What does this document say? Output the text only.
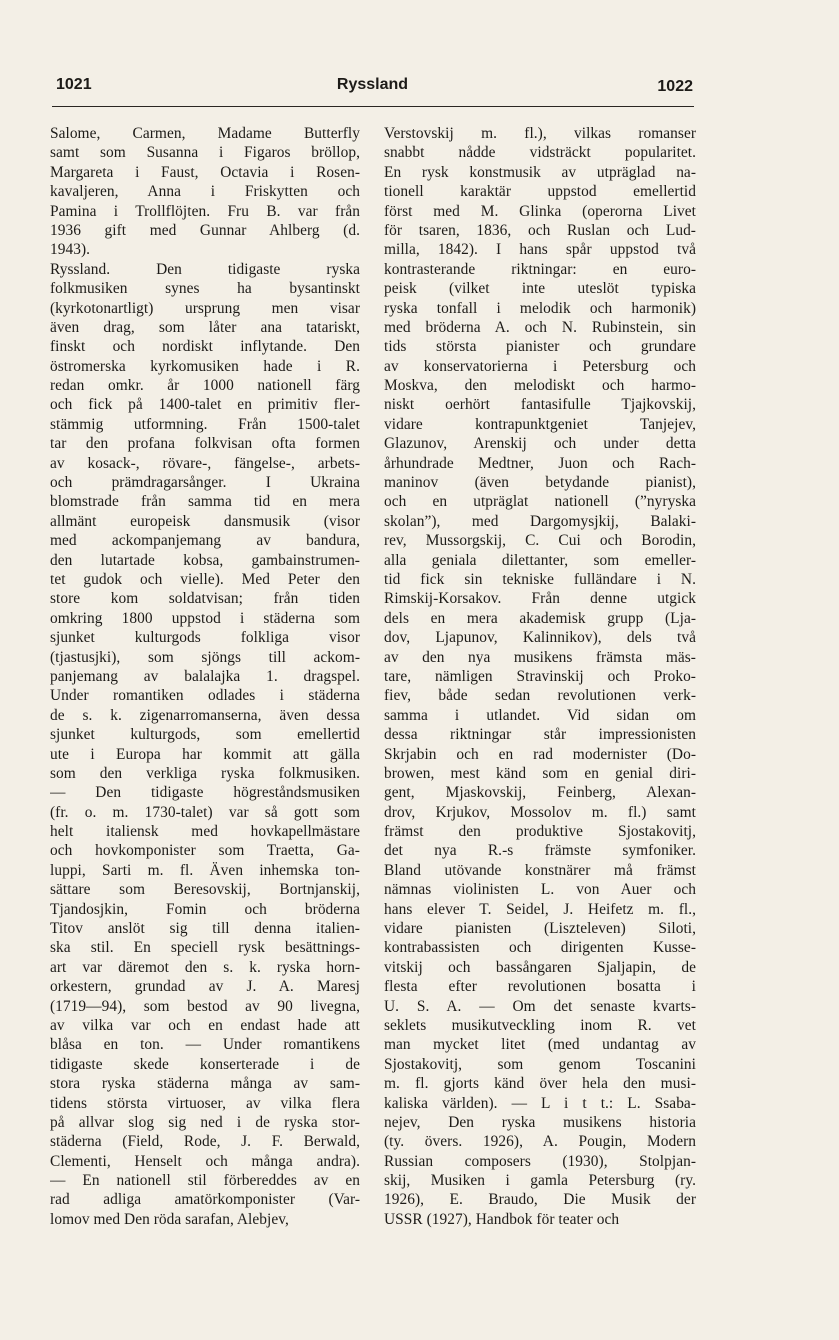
1021	Ryssland	1022
Salome, Carmen, Madame Butterfly
samt som Susanna i Figaros bröllop,
Margareta i Faust, Octavia i Rosen-
kavaljeren, Anna i Friskytten och
Pamina i Trollflöjten. Fru B. var från
1936 gift med Gunnar Ahlberg (d.
1943).
Ryssland. Den tidigaste ryska
folkmusiken synes ha bysantinskt
(kyrkotonartligt) ursprung men visar
även drag, som låter ana tatariskt,
finskt och nordiskt inflytande. Den
östromerska kyrkomusiken hade i R.
redan omkr. år 1000 nationell färg
och fick på 1400-talet en primitiv fler-
stämmig utformning. Från 1500-talet
tar den profana folkvisan ofta formen
av kosack-, rövare-, fängelse-, arbets-
och prämdragarsånger. I Ukraina
blomstrade från samma tid en mera
allmänt europeisk dansmusik (visor
med ackompanjemang av bandura,
den lutartade kobsa, gambainstrumen-
tet gudok och vielle). Med Peter den
store kom soldatvisan; från tiden
omkring 1800 uppstod i städerna som
sjunket kulturgods folkliga visor
(tjastusjki), som sjöngs till ackom-
panjemang av balalajka 1. dragspel.
Under romantiken odlades i städerna
de s. k. zigenarromanserna, även dessa
sjunket kulturgods, som emellertid
ute i Europa har kommit att gälla
som den verkliga ryska folkmusiken.
— Den tidigaste högreståndsmusiken
(fr. o. m. 1730-talet) var så gott som
helt italiensk med hovkapellmästare
och hovkomponister som Traetta, Ga-
luppi, Sarti m. fl. Även inhemska ton-
sättare som Beresovskij, Bortnjanskij,
Tjandosjkin, Fomin och bröderna
Titov anslöt sig till denna italien-
ska stil. En speciell rysk besättnings-
art var däremot den s. k. ryska horn-
orkestern, grundad av J. A. Maresj
(1719—94), som bestod av 90 livegna,
av vilka var och en endast hade att
blåsa en ton. — Under romantikens
tidigaste skede konserterade i de
stora ryska städerna många av sam-
tidens största virtuoser, av vilka flera
på allvar slog sig ned i de ryska stor-
städerna (Field, Rode, J. F. Berwald,
Clementi, Henselt och många andra).
— En nationell stil förbereddes av en
rad adliga amatörkomponister (Var-
lomov med Den röda sarafan, Alebjev,
Verstovskij m. fl.), vilkas romanser
snabbt nådde vidsträckt popularitet.
En rysk konstmusik av utpräglad na-
tionell karaktär uppstod emellertid
först med M. Glinka (operorna Livet
för tsaren, 1836, och Ruslan och Lud-
milla, 1842). I hans spår uppstod två
kontrasterande riktningar: en euro-
peisk (vilket inte uteslöt typiska
ryska tonfall i melodik och harmonik)
med bröderna A. och N. Rubinstein, sin
tids största pianister och grundare
av konservatorierna i Petersburg och
Moskva, den melodiskt och harmo-
niskt oerhört fantasifulle Tjajkovskij,
vidare kontrapunktgeniet Tanjejev,
Glazunov, Arenskij och under detta
århundrade Medtner, Juon och Rach-
maninov (även betydande pianist),
och en utpräglat nationell (”nyryska
skolan”), med Dargomysjkij, Balaki-
rev, Mussorgskij, C. Cui och Borodin,
alla geniala dilettanter, som emeller-
tid fick sin tekniske fulländare i N.
Rimskij-Korsakov. Från denne utgick
dels en mera akademisk grupp (Lja-
dov, Ljapunov, Kalinnikov), dels två
av den nya musikens främsta mäs-
tare, nämligen Stravinskij och Proko-
fiev, både sedan revolutionen verk-
samma i utlandet. Vid sidan om
dessa riktningar står impressionisten
Skrjabin och en rad modernister (Do-
browen, mest känd som en genial diri-
gent, Mjaskovskij, Feinberg, Alexan-
drov, Krjukov, Mossolov m. fl.) samt
främst den produktive Sjostakovitj,
det nya R.-s främste symfoniker.
Bland utövande konstnärer må främst
nämnas violinisten L. von Auer och
hans elever T. Seidel, J. Heifetz m. fl.,
vidare pianisten (Liszteleven) Siloti,
kontrabassisten och dirigenten Kusse-
vitskij och bassångaren Sjaljapin, de
flesta efter revolutionen bosatta i
U. S. A. — Om det senaste kvarts-
seklets musikutveckling inom R. vet
man mycket litet (med undantag av
Sjostakovitj, som genom Toscanini
m. fl. gjorts känd över hela den musi-
kaliska världen). — L i t t.: L. Ssaba-
nejev, Den ryska musikens historia
(ty. övers. 1926), A. Pougin, Modern
Russian composers (1930), Stolpjan-
skij, Musiken i gamla Petersburg (ry.
1926), E. Braudo, Die Musik der
USSR (1927), Handbok för teater och
